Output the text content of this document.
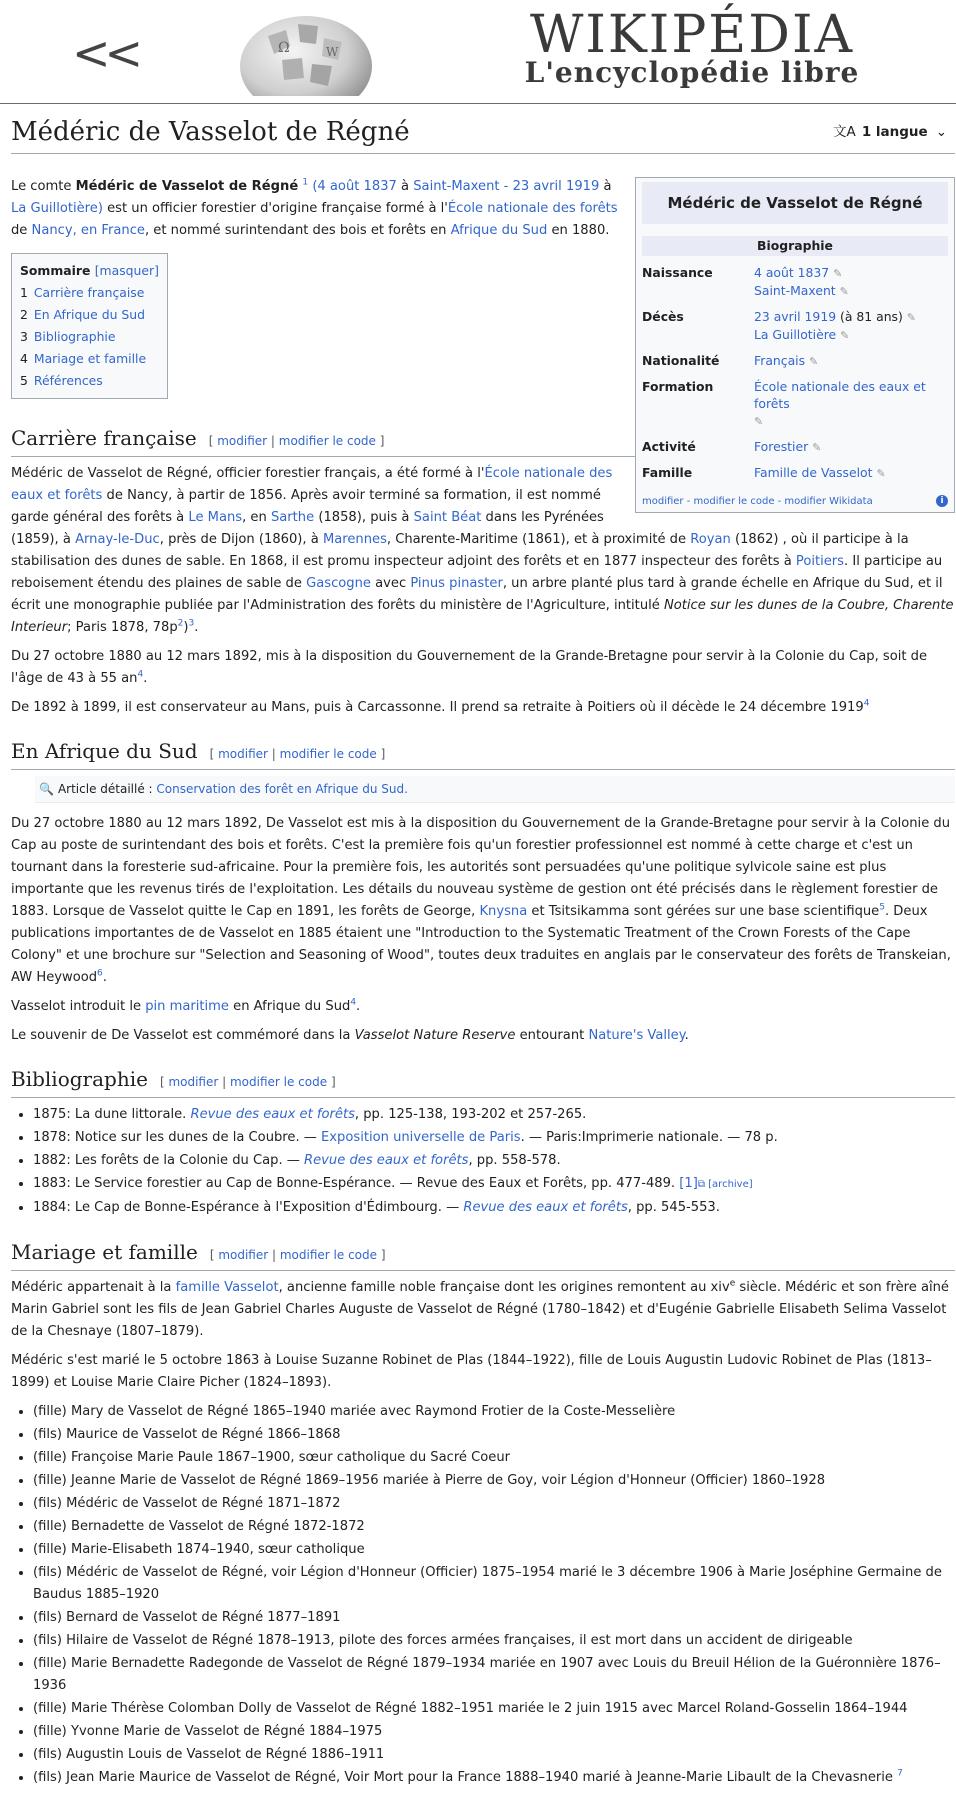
<<	Ω	W	WIKIPÉDIA
L'encyclopédie libre
Médéric de Vasselot de Régné	文A 1 langue ⌄
Médéric de Vasselot de Régné
Biographie
Naissance	4 août 1837 ✎
Saint-Maxent ✎
Décès	23 avril 1919 (à 81 ans) ✎
La Guillotière ✎
Nationalité	Français ✎
Formation	École nationale des eaux et forêts
✎
Activité	Forestier ✎
Famille	Famille de Vasselot ✎
modifier - modifier le code - modifier Wikidata	i

Le comte Médéric de Vasselot de Régné $^1$ (4 août 1837 à Saint-Maxent - 23 avril 1919 à La Guillotière) est un officier forestier d'origine française formé à l'École nationale des forêts de Nancy, en France, et nommé surintendant des bois et forêts en Afrique du Sud en 1880.

Sommaire [masquer]
1 Carrière française
2 En Afrique du Sud
3 Bibliographie
4 Mariage et famille
5 Références
Carrière française [ modifier | modifier le code ]

Médéric de Vasselot de Régné, officier forestier français, a été formé à l'École nationale des eaux et forêts de Nancy, à partir de 1856. Après avoir terminé sa formation, il est nommé garde général des forêts à Le Mans, en Sarthe (1858), puis à Saint Béat dans les Pyrénées (1859), à Arnay-le-Duc, près de Dijon (1860), à Marennes, Charente-Maritime (1861), et à proximité de Royan (1862) , où il participe à la stabilisation des dunes de sable. En 1868, il est promu inspecteur adjoint des forêts et en 1877 inspecteur des forêts à Poitiers. Il participe au reboisement étendu des plaines de sable de Gascogne avec Pinus pinaster, un arbre planté plus tard à grande échelle en Afrique du Sud, et il écrit une monographie publiée par l'Administration des forêts du ministère de l'Agriculture, intitulé Notice sur les dunes de la Coubre, Charente Interieur; Paris 1878, $78p^2)^3$.

Du 27 octobre 1880 au 12 mars 1892, mis à la disposition du Gouvernement de la Grande-Bretagne pour servir à la Colonie du Cap, soit de l'âge de 43 à 55 $an^4$.

De 1892 à 1899, il est conservateur au Mans, puis à Carcassonne. Il prend sa retraite à Poitiers où il décède le 24 décembre 1919$^4$

En Afrique du Sud [ modifier | modifier le code ]
🔍 Article détaillé : Conservation des forêt en Afrique du Sud.

Du 27 octobre 1880 au 12 mars 1892, De Vasselot est mis à la disposition du Gouvernement de la Grande-Bretagne pour servir à la Colonie du Cap au poste de surintendant des bois et forêts. C'est la première fois qu'un forestier professionnel est nommé à cette charge et c'est un tournant dans la foresterie sud-africaine. Pour la première fois, les autorités sont persuadées qu'une politique sylvicole saine est plus importante que les revenus tirés de l'exploitation. Les détails du nouveau système de gestion ont été précisés dans le règlement forestier de 1883. Lorsque de Vasselot quitte le Cap en 1891, les forêts de George, Knysna et Tsitsikamma sont gérées sur une base scientifique$^5$. Deux publications importantes de de Vasselot en 1885 étaient une "Introduction to the Systematic Treatment of the Crown Forests of the Cape Colony" et une brochure sur "Selection and Seasoning of Wood", toutes deux traduites en anglais par le conservateur des forêts de Transkeian, AW Heywood$^6$.

Vasselot introduit le pin maritime en Afrique du Sud$^4$.

Le souvenir de De Vasselot est commémoré dans la Vasselot Nature Reserve entourant Nature's Valley.

Bibliographie [ modifier | modifier le code ]
• 1875: La dune littorale. Revue des eaux et forêts, pp. 125-138, 193-202 et 257-265.
• 1878: Notice sur les dunes de la Coubre. — Exposition universelle de Paris. — Paris:Imprimerie nationale. — 78 p.
• 1882: Les forêts de la Colonie du Cap. — Revue des eaux et forêts, pp. 558-578.
• 1883: Le Service forestier au Cap de Bonne-Espérance. — Revue des Eaux et Forêts, pp. 477-489. [1]⧉ [archive]
• 1884: Le Cap de Bonne-Espérance à l'Exposition d'Édimbourg. — Revue des eaux et forêts, pp. 545-553.
Mariage et famille [ modifier | modifier le code ]

Médéric appartenait à la famille Vasselot, ancienne famille noble française dont les origines remontent au xiv$^e$ siècle. Médéric et son frère aîné Marin Gabriel sont les fils de Jean Gabriel Charles Auguste de Vasselot de Régné (1780–1842) et d'Eugénie Gabrielle Elisabeth Selima Vasselot de la Chesnaye (1807–1879).

Médéric s'est marié le 5 octobre 1863 à Louise Suzanne Robinet de Plas (1844–1922), fille de Louis Augustin Ludovic Robinet de Plas (1813–1899) et Louise Marie Claire Picher (1824–1893).

• (fille) Mary de Vasselot de Régné 1865–1940 mariée avec Raymond Frotier de la Coste-Messelière
• (fils) Maurice de Vasselot de Régné 1866–1868
• (fille) Françoise Marie Paule 1867–1900, sœur catholique du Sacré Coeur
• (fille) Jeanne Marie de Vasselot de Régné 1869–1956 mariée à Pierre de Goy, voir Légion d'Honneur (Officier) 1860–1928
• (fils) Médéric de Vasselot de Régné 1871–1872
• (fille) Bernadette de Vasselot de Régné 1872-1872
• (fille) Marie-Elisabeth 1874–1940, sœur catholique
• (fils) Médéric de Vasselot de Régné, voir Légion d'Honneur (Officier) 1875–1954 marié le 3 décembre 1906 à Marie Joséphine Germaine de Baudus 1885–1920
• (fils) Bernard de Vasselot de Régné 1877–1891
• (fils) Hilaire de Vasselot de Régné 1878–1913, pilote des forces armées françaises, il est mort dans un accident de dirigeable
• (fille) Marie Bernadette Radegonde de Vasselot de Régné 1879–1934 mariée en 1907 avec Louis du Breuil Hélion de la Guéronnière 1876–1936
• (fille) Marie Thérèse Colomban Dolly de Vasselot de Régné 1882–1951 mariée le 2 juin 1915 avec Marcel Roland-Gosselin 1864–1944
• (fille) Yvonne Marie de Vasselot de Régné 1884–1975
• (fils) Augustin Louis de Vasselot de Régné 1886–1911
• (fils) Jean Marie Maurice de Vasselot de Régné, Voir Mort pour la France 1888–1940 marié à Jeanne-Marie Libault de la Chevasnerie $^7$
